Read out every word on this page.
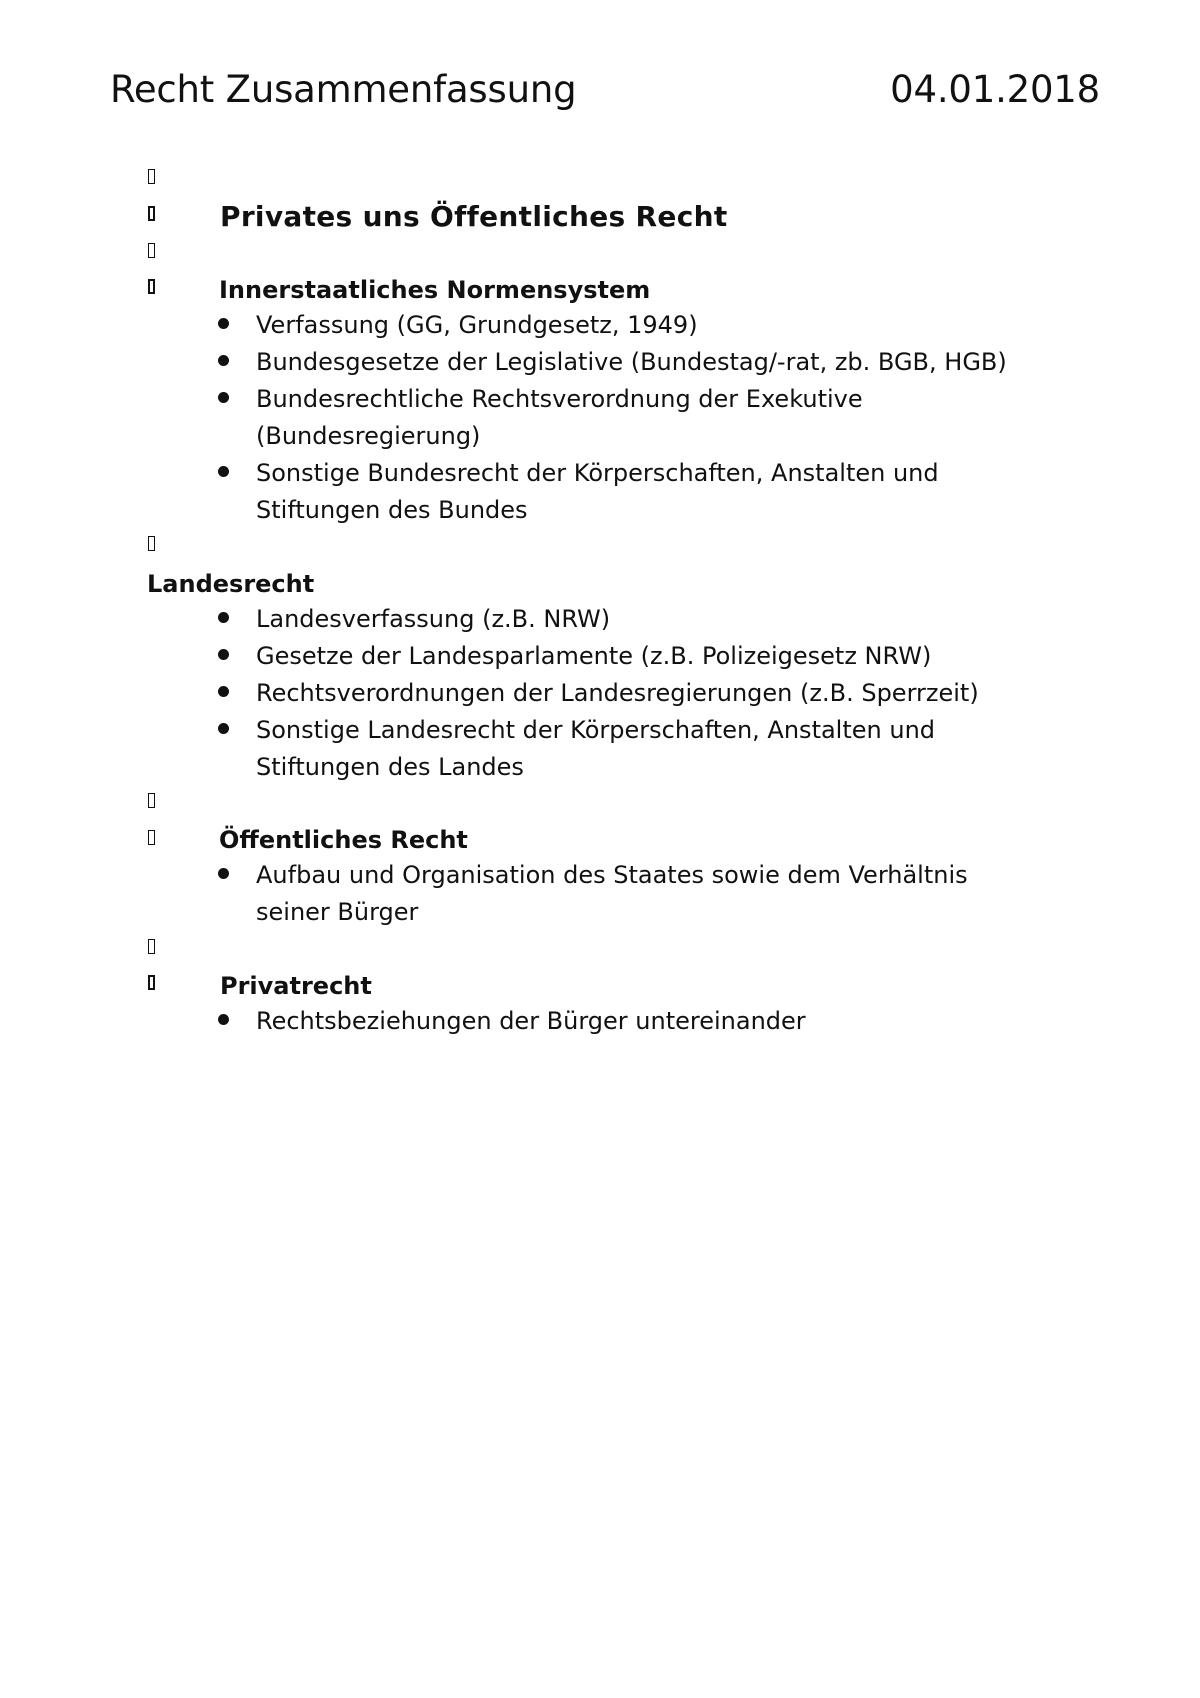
Recht Zusammenfassung	04.01.2018
Privates uns Öffentliches Recht
Innerstaatliches Normensystem
Verfassung (GG, Grundgesetz, 1949)
Bundesgesetze der Legislative (Bundestag/-rat, zb. BGB, HGB)
Bundesrechtliche Rechtsverordnung der Exekutive
(Bundesregierung)
Sonstige Bundesrecht der Körperschaften, Anstalten und
Stiftungen des Bundes
Landesrecht
Landesverfassung (z.B. NRW)
Gesetze der Landesparlamente (z.B. Polizeigesetz NRW)
Rechtsverordnungen der Landesregierungen (z.B. Sperrzeit)
Sonstige Landesrecht der Körperschaften, Anstalten und
Stiftungen des Landes
Öffentliches Recht
Aufbau und Organisation des Staates sowie dem Verhältnis
seiner Bürger
Privatrecht
Rechtsbeziehungen der Bürger untereinander
